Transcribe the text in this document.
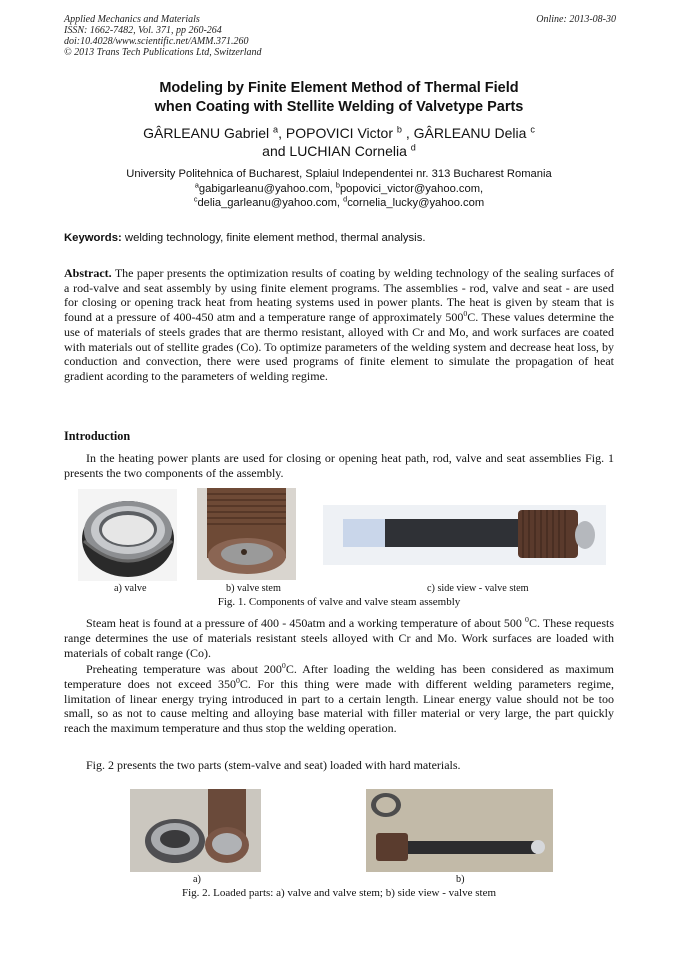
Applied Mechanics and Materials
ISSN: 1662-7482, Vol. 371, pp 260-264
doi:10.4028/www.scientific.net/AMM.371.260
© 2013 Trans Tech Publications Ltd, Switzerland
Online: 2013-08-30
Modeling by Finite Element Method of Thermal Field
when Coating with Stellite Welding of Valvetype Parts
GÂRLEANU Gabriel $^a$, POPOVICI Victor $^b$ , GÂRLEANU Delia $^c$
and LUCHIAN Cornelia $^d$
University Politehnica of Bucharest, Splaiul Independentei nr. 313 Bucharest Romania
$^a$gabigarleanu@yahoo.com, $^b$popovici_victor@yahoo.com,
$^c$delia_garleanu@yahoo.com, $^d$cornelia_lucky@yahoo.com
Keywords: welding technology, finite element method, thermal analysis.
Abstract. The paper presents the optimization results of coating by welding technology of the sealing surfaces of a rod-valve and seat assembly by using finite element programs. The assemblies - rod, valve and seat - are used for closing or opening track heat from heating systems used in power plants. The heat is given by steam that is found at a pressure of 400-450 atm and a temperature range of approximately $500^0C$. These values determine the use of materials of steels grades that are thermo resistant, alloyed with Cr and Mo, and work surfaces are coated with materials out of stellite grades (Co). To optimize parameters of the welding system and decrease heat loss, by conduction and convection, there were used programs of finite element to simulate the propagation of heat gradient acording to the parameters of welding regime.
Introduction

In the heating power plants are used for closing or opening heat path, rod, valve and seat assemblies Fig. 1 presents the two components of the assembly.

a) valve	b) valve stem	c) side view - valve stem
Fig. 1. Components of valve and valve steam assembly

Steam heat is found at a pressure of 400 - 450atm and a working temperature of about 500 $^0$C. These requests range determines the use of materials resistant steels alloyed with Cr and Mo. Work surfaces are loaded with materials of cobalt range (Co).

Preheating temperature was about $200^0C$. After loading the welding has been considered as maximum temperature does not exceed $350^0C$. For this thing were made with different welding parameters regime, limitation of linear energy trying introduced in part to a certain length. Linear energy value should not be too small, so as not to cause melting and alloying base material with filler material or very large, the part quickly reach the maximum temperature and thus stop the welding operation.

Fig. 2 presents the two parts (stem-valve and seat) loaded with hard materials.

a)	b)
Fig. 2. Loaded parts: a) valve and valve stem; b) side view - valve stem
